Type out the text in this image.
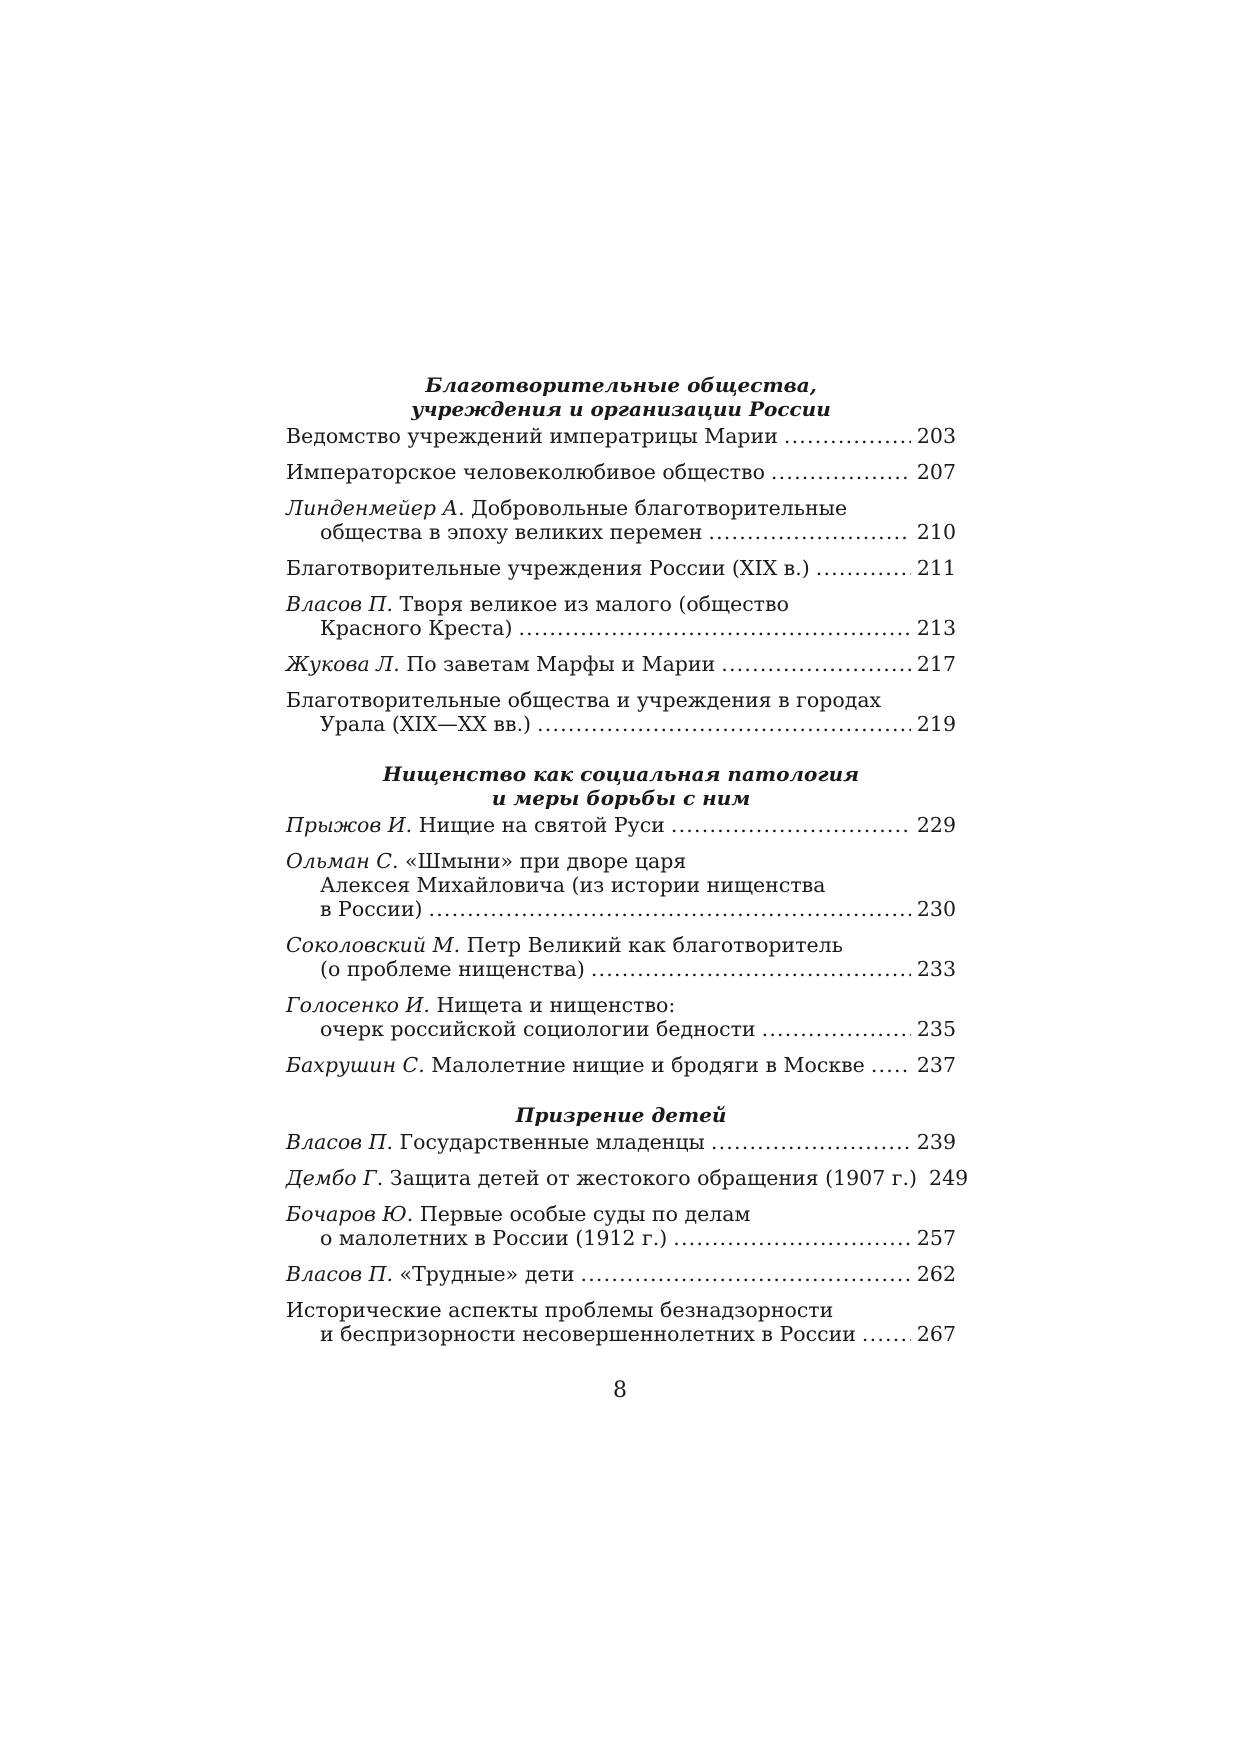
Благотворительные общества,
учреждения и организации России
Ведомство учреждений императрицы Марии .....	203
Императорское человеколюбивое общество .....	207
Линденмейер А. Добровольные благотворительные
общества в эпоху великих перемен .....	210
Благотворительные учреждения России (XIX в.) .....	211
Власов П. Творя великое из малого (общество
Красного Креста) .....	213
Жукова Л. По заветам Марфы и Марии .....	217
Благотворительные общества и учреждения в городах
Урала (XIX—XX вв.) .....	219
Нищенство как социальная патология
и меры борьбы с ним
Прыжов И. Нищие на святой Руси .....	229
Ольман С. «Шмыни» при дворе царя
Алексея Михайловича (из истории нищенства
в России) .....	230
Соколовский М. Петр Великий как благотворитель
(о проблеме нищенства) .....	233
Голосенко И. Нищета и нищенство:
очерк российской социологии бедности .....	235
Бахрушин С. Малолетние нищие и бродяги в Москве .....	237
Призрение детей
Власов П. Государственные младенцы .....	239
Дембо Г. Защита детей от жестокого обращения (1907 г.) 249
Бочаров Ю. Первые особые суды по делам
о малолетних в России (1912 г.) .....	257
Власов П. «Трудные» дети .....	262
Исторические аспекты проблемы безнадзорности
и беспризорности несовершеннолетних в России .....	267
8
